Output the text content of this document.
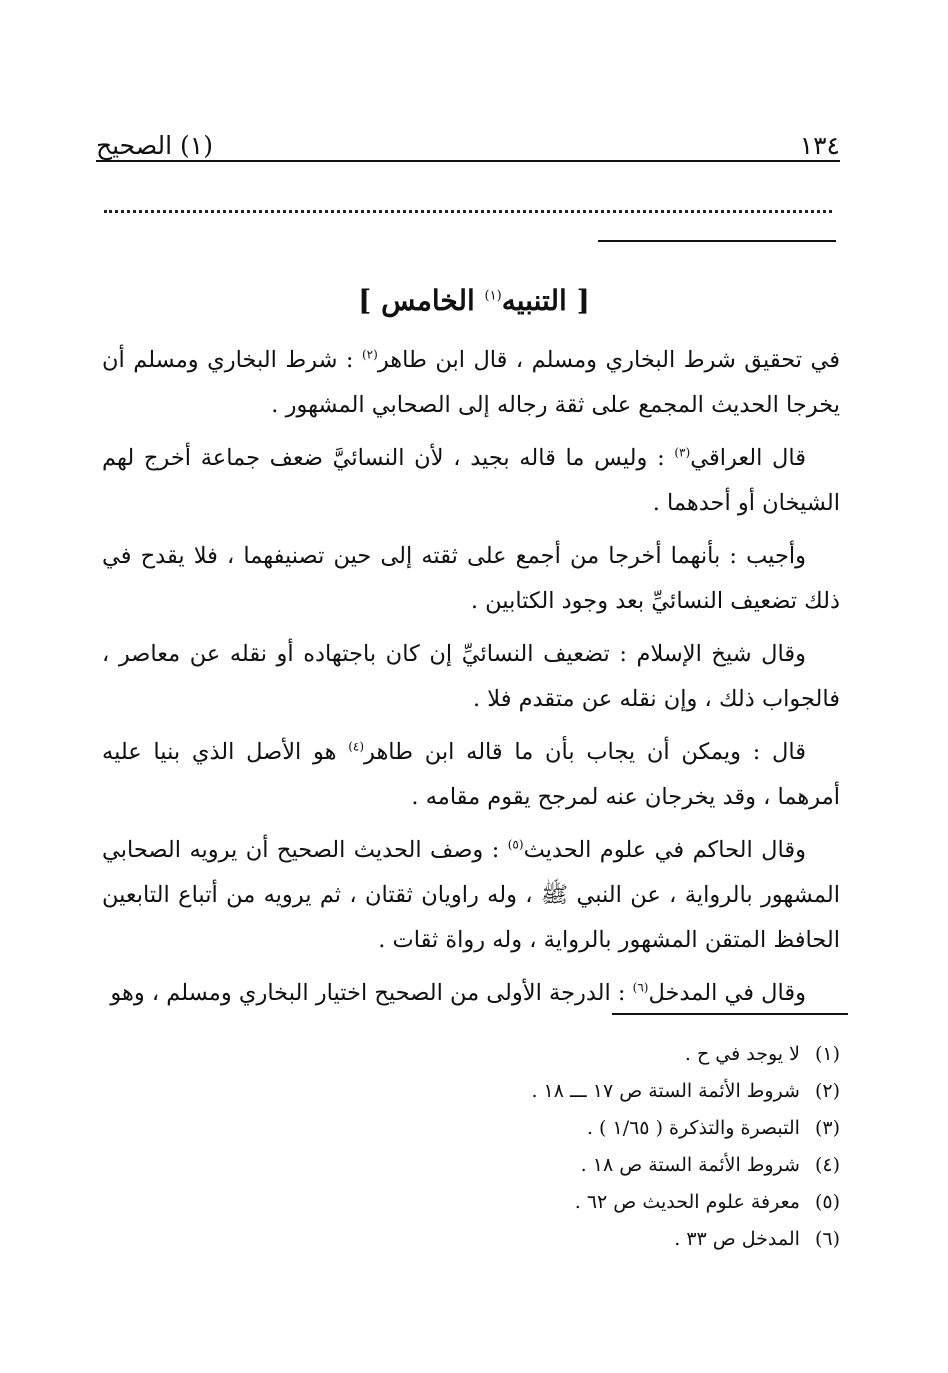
١٣٤
(١) الصحيح
[ التنبيه$^{(١)}$ الخامس ]

في تحقيق شرط البخاري ومسلم ، قال ابن طاهر$^{(٢)}$ : شرط البخاري ومسلم أن يخرجا الحديث المجمع على ثقة رجاله إلى الصحابي المشهور .

قال العراقي$^{(٣)}$ : وليس ما قاله بجيد ، لأن النسائيَّ ضعف جماعة أخرج لهم الشيخان أو أحدهما .

وأجيب : بأنهما أخرجا من أجمع على ثقته إلى حين تصنيفهما ، فلا يقدح في ذلك تضعيف النسائيِّ بعد وجود الكتابين .

وقال شيخ الإسلام : تضعيف النسائيِّ إن كان باجتهاده أو نقله عن معاصر ، فالجواب ذلك ، وإن نقله عن متقدم فلا .

قال : ويمكن أن يجاب بأن ما قاله ابن طاهر$^{(٤)}$ هو الأصل الذي بنيا عليه أمرهما ، وقد يخرجان عنه لمرجح يقوم مقامه .

وقال الحاكم في علوم الحديث$^{(٥)}$ : وصف الحديث الصحيح أن يرويه الصحابي المشهور بالرواية ، عن النبي ﷺ ، وله راويان ثقتان ، ثم يرويه من أتباع التابعين الحافظ المتقن المشهور بالرواية ، وله رواة ثقات .

وقال في المدخل$^{(٦)}$ : الدرجة الأولى من الصحيح اختيار البخاري ومسلم ، وهو

(١) لا يوجد في ح .
(٢) شروط الأئمة الستة ص ١٧ ـــ ١٨ .
(٣) التبصرة والتذكرة ( ١/٦٥ ) .
(٤) شروط الأئمة الستة ص ١٨ .
(٥) معرفة علوم الحديث ص ٦٢ .
(٦) المدخل ص ٣٣ .
